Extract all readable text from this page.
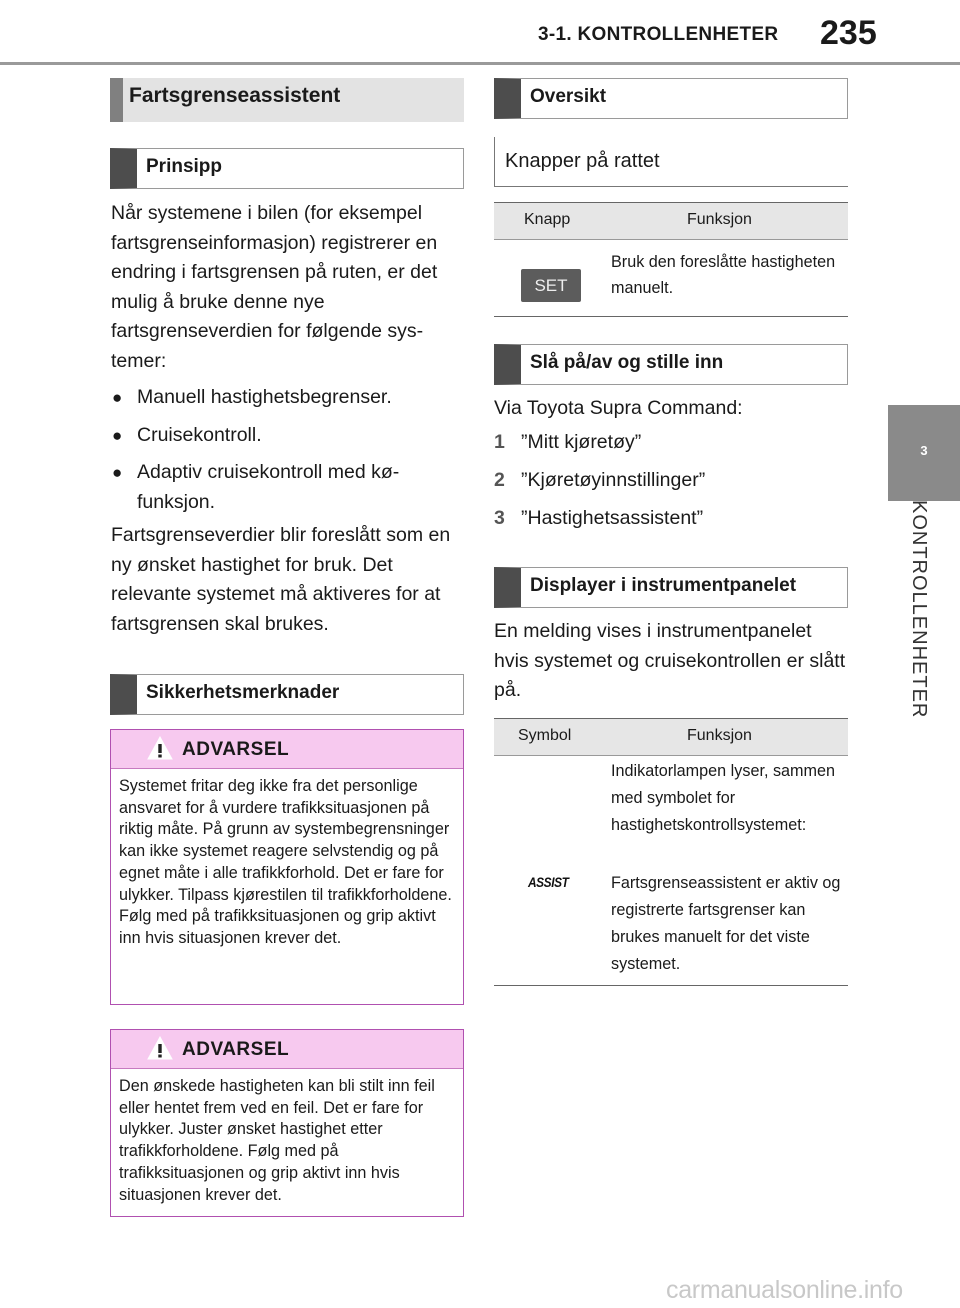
3-1. KONTROLLENHETER 235
3
KONTROLLENHETER
Fartsgrenseassistent
Prinsipp
Når systemene i bilen (for eksempel fartsgrenseinformasjon) registrerer en endring i fartsgrensen på ruten, er det mulig å bruke denne nye fartsgrenseverdien for følgende systemer:
● Manuell hastighetsbegrenser.
● Cruisekontroll.
● Adaptiv cruisekontroll med køfunksjon.
Fartsgrenseverdier blir foreslått som en ny ønsket hastighet for bruk. Det relevante systemet må aktiveres for at fartsgrensen skal brukes.
Sikkerhetsmerknader
ADVARSEL
Systemet fritar deg ikke fra det personlige ansvaret for å vurdere trafikksituasjonen på riktig måte. På grunn av systembegrensninger kan ikke systemet reagere selvstendig og på egnet måte i alle trafikkforhold. Det er fare for ulykker. Tilpass kjørestilen til trafikkforholdene. Følg med på trafikksituasjonen og grip aktivt inn hvis situasjonen krever det.
ADVARSEL
Den ønskede hastigheten kan bli stilt inn feil eller hentet frem ved en feil. Det er fare for ulykker. Juster ønsket hastighet etter trafikkforholdene. Følg med på trafikksituasjonen og grip aktivt inn hvis situasjonen krever det.
Oversikt
Knapper på rattet
Knapp	Funksjon
SET
Bruk den foreslåtte hastigheten manuelt.
Slå på/av og stille inn
Via Toyota Supra Command:
1 ”Mitt kjøretøy”
2 ”Kjøretøyinnstillinger”
3 ”Hastighetsassistent”
Displayer i instrumentpanelet
En melding vises i instrumentpanelet hvis systemet og cruisekontrollen er slått på.
Symbol	Funksjon
ASSIST
Indikatorlampen lyser, sammen med symbolet for hastighetskontrollsystemet:
Fartsgrenseassistent er aktiv og registrerte fartsgrenser kan brukes manuelt for det viste systemet.
carmanualsonline.info
